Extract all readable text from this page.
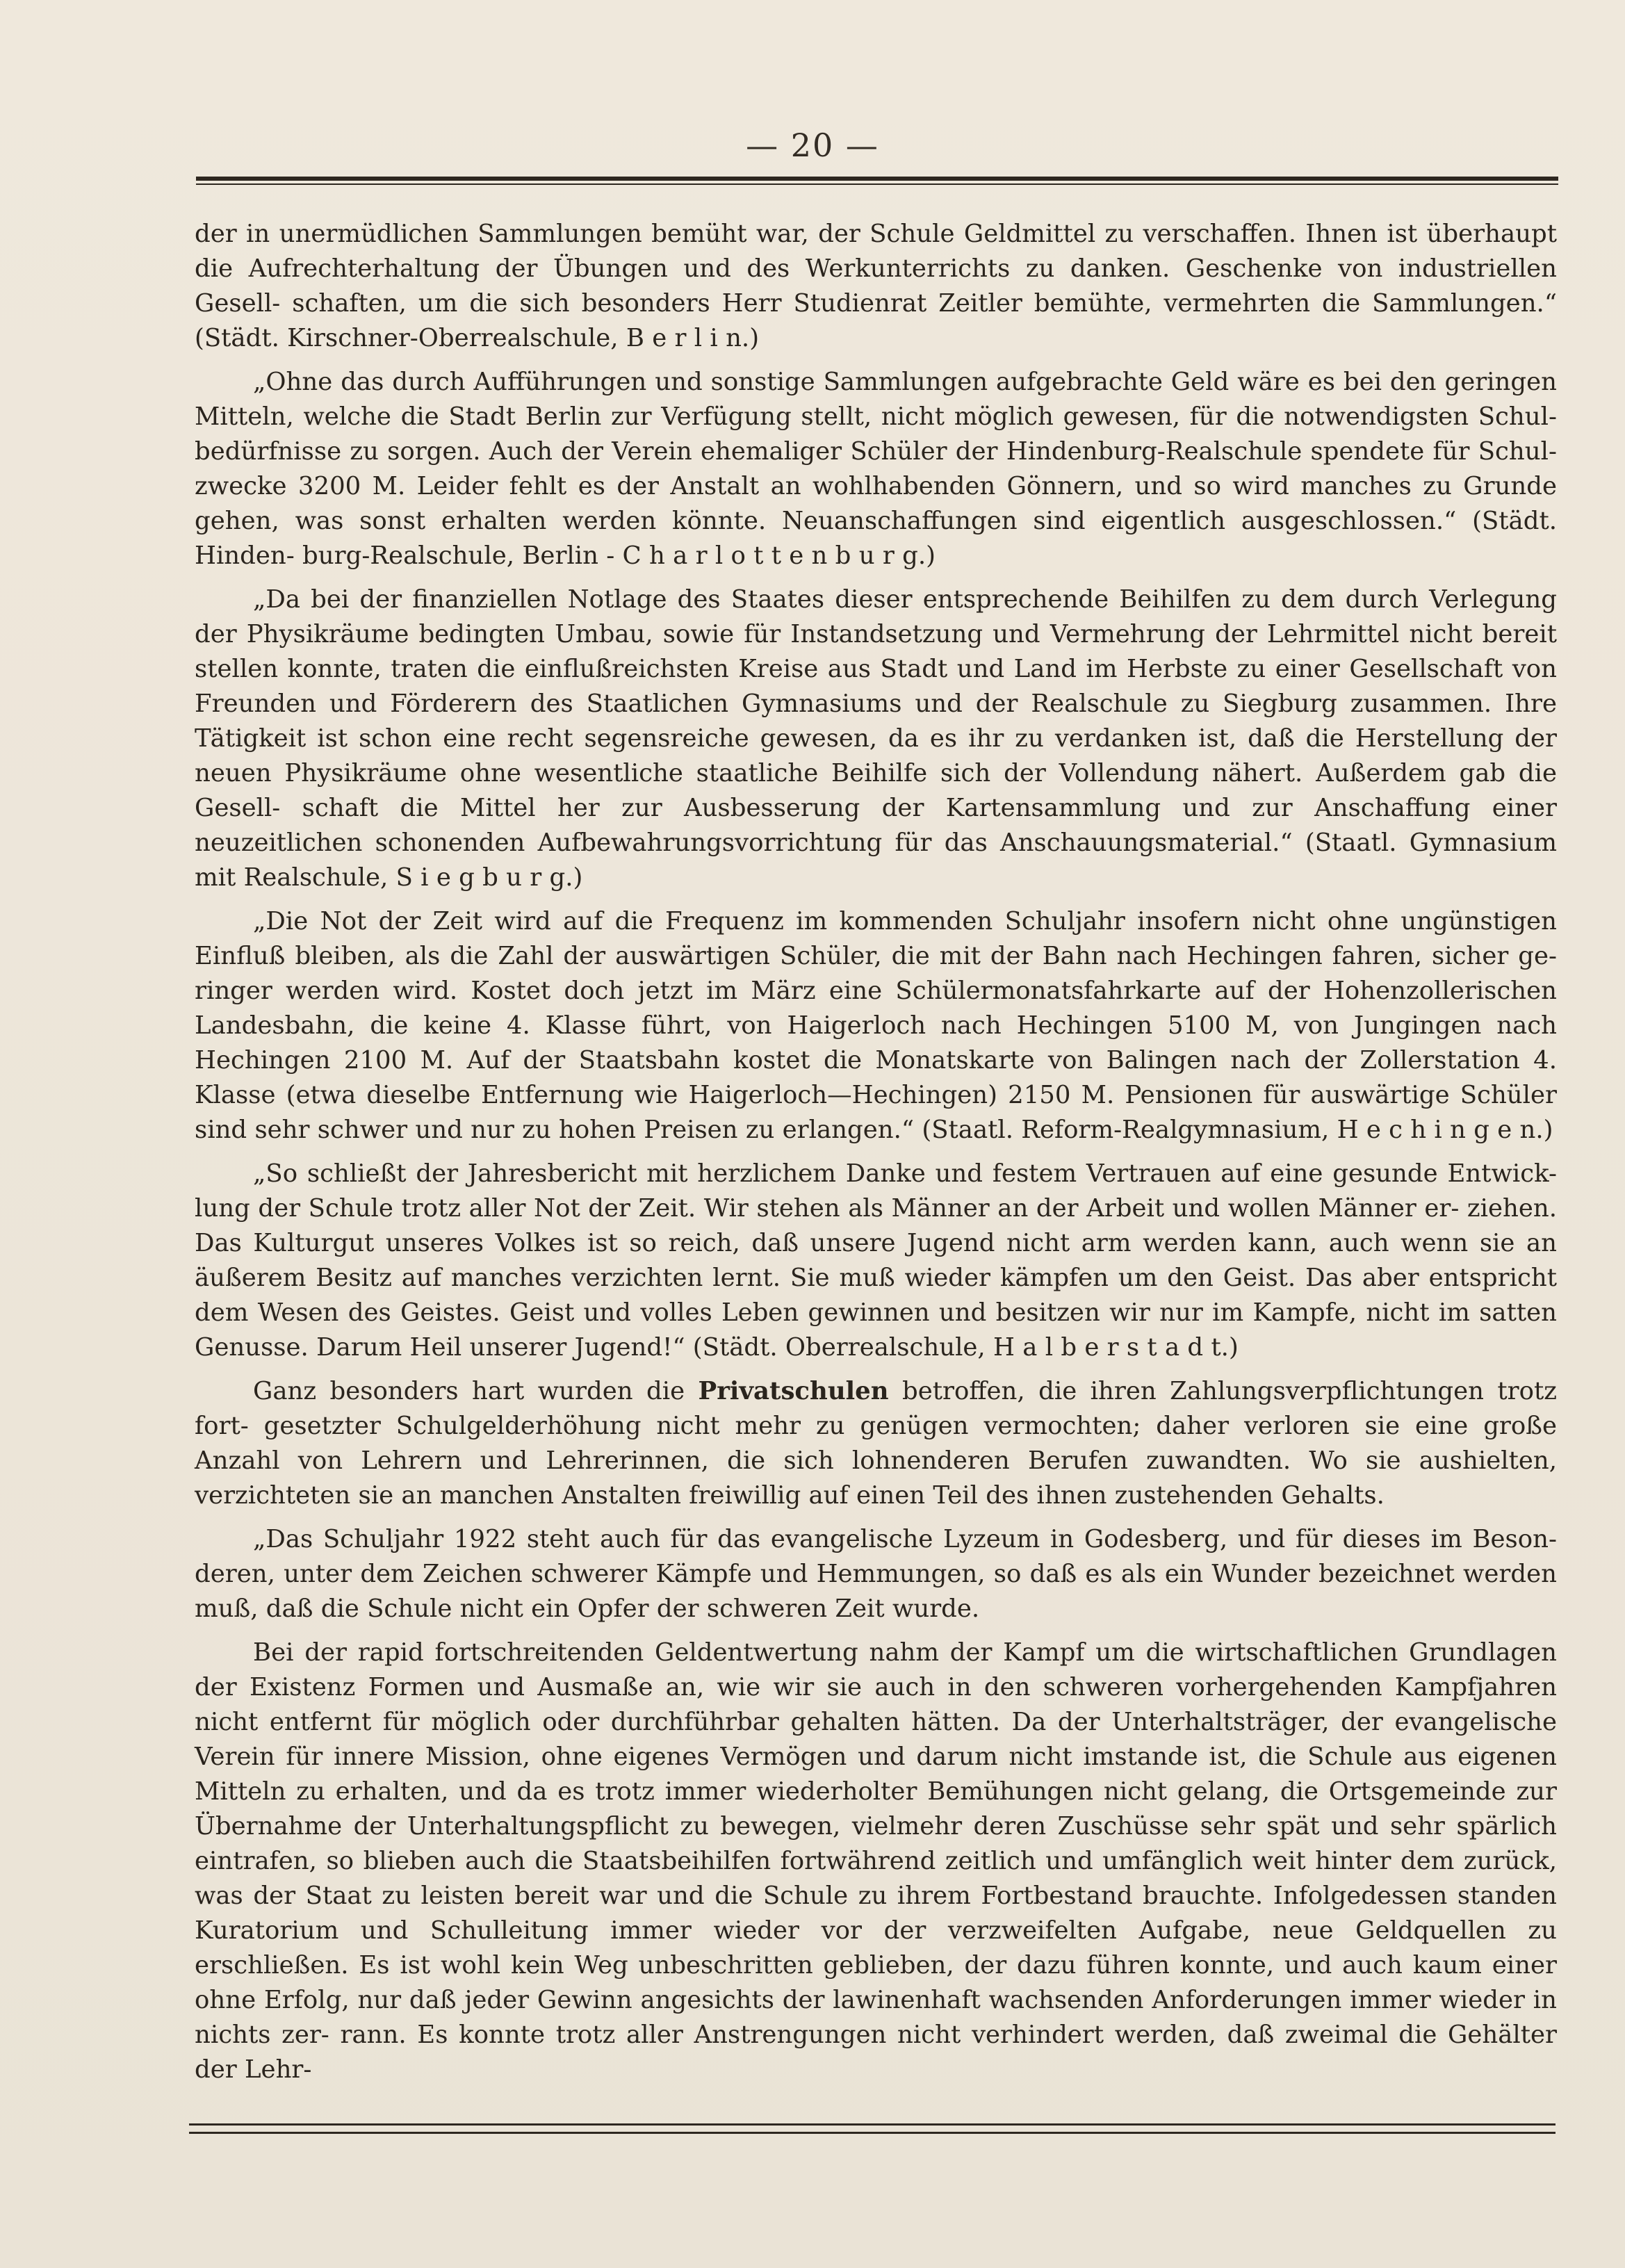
— 20 —

der in unermüdlichen Sammlungen bemüht war, der Schule Geldmittel zu verschaffen. Ihnen ist überhaupt die Aufrechterhaltung der Übungen und des Werkunterrichts zu danken. Geschenke von industriellen Gesell- schaften, um die sich besonders Herr Studienrat Zeitler bemühte, vermehrten die Sammlungen.“ (Städt. Kirschner-Oberrealschule, B e r l i n.)

„Ohne das durch Aufführungen und sonstige Sammlungen aufgebrachte Geld wäre es bei den geringen Mitteln, welche die Stadt Berlin zur Verfügung stellt, nicht möglich gewesen, für die notwendigsten Schul- bedürfnisse zu sorgen. Auch der Verein ehemaliger Schüler der Hindenburg-Realschule spendete für Schul- zwecke 3200 M. Leider fehlt es der Anstalt an wohlhabenden Gönnern, und so wird manches zu Grunde gehen, was sonst erhalten werden könnte. Neuanschaffungen sind eigentlich ausgeschlossen.“ (Städt. Hinden- burg-Realschule, Berlin - C h a r l o t t e n b u r g.)

„Da bei der finanziellen Notlage des Staates dieser entsprechende Beihilfen zu dem durch Verlegung der Physikräume bedingten Umbau, sowie für Instandsetzung und Vermehrung der Lehrmittel nicht bereit stellen konnte, traten die einflußreichsten Kreise aus Stadt und Land im Herbste zu einer Gesellschaft von Freunden und Förderern des Staatlichen Gymnasiums und der Realschule zu Siegburg zusammen. Ihre Tätigkeit ist schon eine recht segensreiche gewesen, da es ihr zu verdanken ist, daß die Herstellung der neuen Physikräume ohne wesentliche staatliche Beihilfe sich der Vollendung nähert. Außerdem gab die Gesell- schaft die Mittel her zur Ausbesserung der Kartensammlung und zur Anschaffung einer neuzeitlichen schonenden Aufbewahrungsvorrichtung für das Anschauungsmaterial.“ (Staatl. Gymnasium mit Realschule, S i e g b u r g.)

„Die Not der Zeit wird auf die Frequenz im kommenden Schuljahr insofern nicht ohne ungünstigen Einfluß bleiben, als die Zahl der auswärtigen Schüler, die mit der Bahn nach Hechingen fahren, sicher ge- ringer werden wird. Kostet doch jetzt im März eine Schülermonatsfahrkarte auf der Hohenzollerischen Landesbahn, die keine 4. Klasse führt, von Haigerloch nach Hechingen 5100 M, von Jungingen nach Hechingen 2100 M. Auf der Staatsbahn kostet die Monatskarte von Balingen nach der Zollerstation 4. Klasse (etwa dieselbe Entfernung wie Haigerloch—Hechingen) 2150 M. Pensionen für auswärtige Schüler sind sehr schwer und nur zu hohen Preisen zu erlangen.“ (Staatl. Reform-Realgymnasium, H e c h i n g e n.)

„So schließt der Jahresbericht mit herzlichem Danke und festem Vertrauen auf eine gesunde Entwick- lung der Schule trotz aller Not der Zeit. Wir stehen als Männer an der Arbeit und wollen Männer er- ziehen. Das Kulturgut unseres Volkes ist so reich, daß unsere Jugend nicht arm werden kann, auch wenn sie an äußerem Besitz auf manches verzichten lernt. Sie muß wieder kämpfen um den Geist. Das aber entspricht dem Wesen des Geistes. Geist und volles Leben gewinnen und besitzen wir nur im Kampfe, nicht im satten Genusse. Darum Heil unserer Jugend!“ (Städt. Oberrealschule, H a l b e r s t a d t.)

Ganz besonders hart wurden die Privatschulen betroffen, die ihren Zahlungsverpflichtungen trotz fort- gesetzter Schulgelderhöhung nicht mehr zu genügen vermochten; daher verloren sie eine große Anzahl von Lehrern und Lehrerinnen, die sich lohnenderen Berufen zuwandten. Wo sie aushielten, verzichteten sie an manchen Anstalten freiwillig auf einen Teil des ihnen zustehenden Gehalts.

„Das Schuljahr 1922 steht auch für das evangelische Lyzeum in Godesberg, und für dieses im Beson- deren, unter dem Zeichen schwerer Kämpfe und Hemmungen, so daß es als ein Wunder bezeichnet werden muß, daß die Schule nicht ein Opfer der schweren Zeit wurde.

Bei der rapid fortschreitenden Geldentwertung nahm der Kampf um die wirtschaftlichen Grundlagen der Existenz Formen und Ausmaße an, wie wir sie auch in den schweren vorhergehenden Kampfjahren nicht entfernt für möglich oder durchführbar gehalten hätten. Da der Unterhaltsträger, der evangelische Verein für innere Mission, ohne eigenes Vermögen und darum nicht imstande ist, die Schule aus eigenen Mitteln zu erhalten, und da es trotz immer wiederholter Bemühungen nicht gelang, die Ortsgemeinde zur Übernahme der Unterhaltungspflicht zu bewegen, vielmehr deren Zuschüsse sehr spät und sehr spärlich eintrafen, so blieben auch die Staatsbeihilfen fortwährend zeitlich und umfänglich weit hinter dem zurück, was der Staat zu leisten bereit war und die Schule zu ihrem Fortbestand brauchte. Infolgedessen standen Kuratorium und Schulleitung immer wieder vor der verzweifelten Aufgabe, neue Geldquellen zu erschließen. Es ist wohl kein Weg unbeschritten geblieben, der dazu führen konnte, und auch kaum einer ohne Erfolg, nur daß jeder Gewinn angesichts der lawinenhaft wachsenden Anforderungen immer wieder in nichts zer- rann. Es konnte trotz aller Anstrengungen nicht verhindert werden, daß zweimal die Gehälter der Lehr-
